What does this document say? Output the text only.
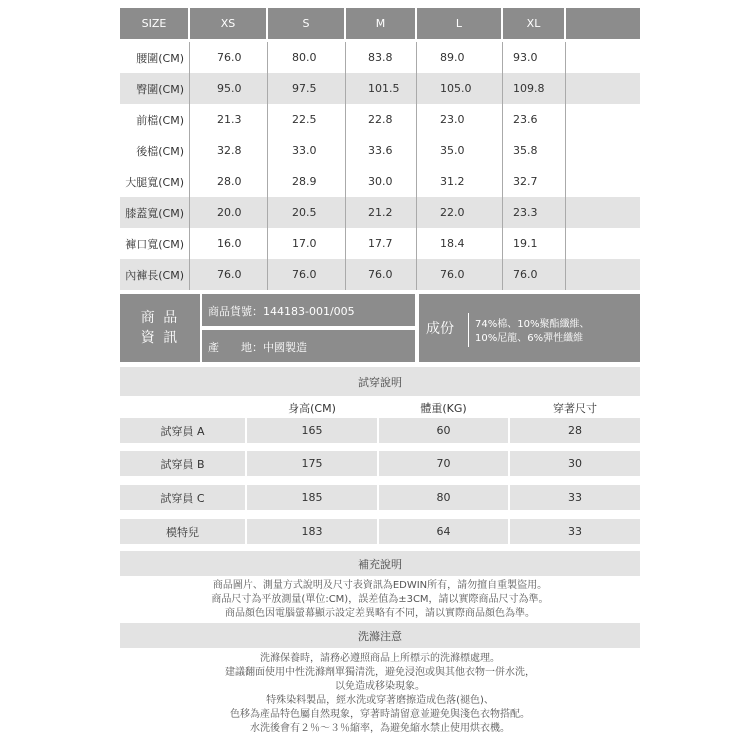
SIZE	XS	S	M	L	XL
腰圍(CM)	76.0	80.0	83.8	89.0	93.0
臀圍(CM)	95.0	97.5	101.5	105.0	109.8
前檔(CM)	21.3	22.5	22.8	23.0	23.6
後檔(CM)	32.8	33.0	33.6	35.0	35.8
大腿寬(CM)	28.0	28.9	30.0	31.2	32.7
膝蓋寬(CM)	20.0	20.5	21.2	22.0	23.3
褲口寬(CM)	16.0	17.0	17.7	18.4	19.1
內褲長(CM)	76.0	76.0	76.0	76.0	76.0
商 品
資 訊
商品貨號：144183-001/005
產　　地：中國製造
成份 74%棉、10%聚酯纖維、
10%尼龍、6%彈性纖維
試穿說明
身高(CM)	體重(KG)	穿著尺寸
試穿員 A	165	60	28
試穿員 B	175	70	30
試穿員 C	185	80	33
模特兒	183	64	33
補充說明
商品圖片、測量方式說明及尺寸表資訊為EDWIN所有，請勿擅自重製盜用。
商品尺寸為平放測量(單位:CM)，誤差值為±3CM，請以實際商品尺寸為準。
商品顏色因電腦螢幕顯示設定差異略有不同，請以實際商品顏色為準。
洗滌注意
洗滌保養時，請務必遵照商品上所標示的洗滌標處理。
建議翻面使用中性洗滌劑單獨清洗，避免浸泡或與其他衣物一併水洗，
以免造成移染現象。
特殊染料製品，經水洗或穿著磨擦造成色落(褪色)、
色移為產品特色屬自然現象，穿著時請留意並避免與淺色衣物搭配。
水洗後會有２％～３％縮率，為避免縮水禁止使用烘衣機。
